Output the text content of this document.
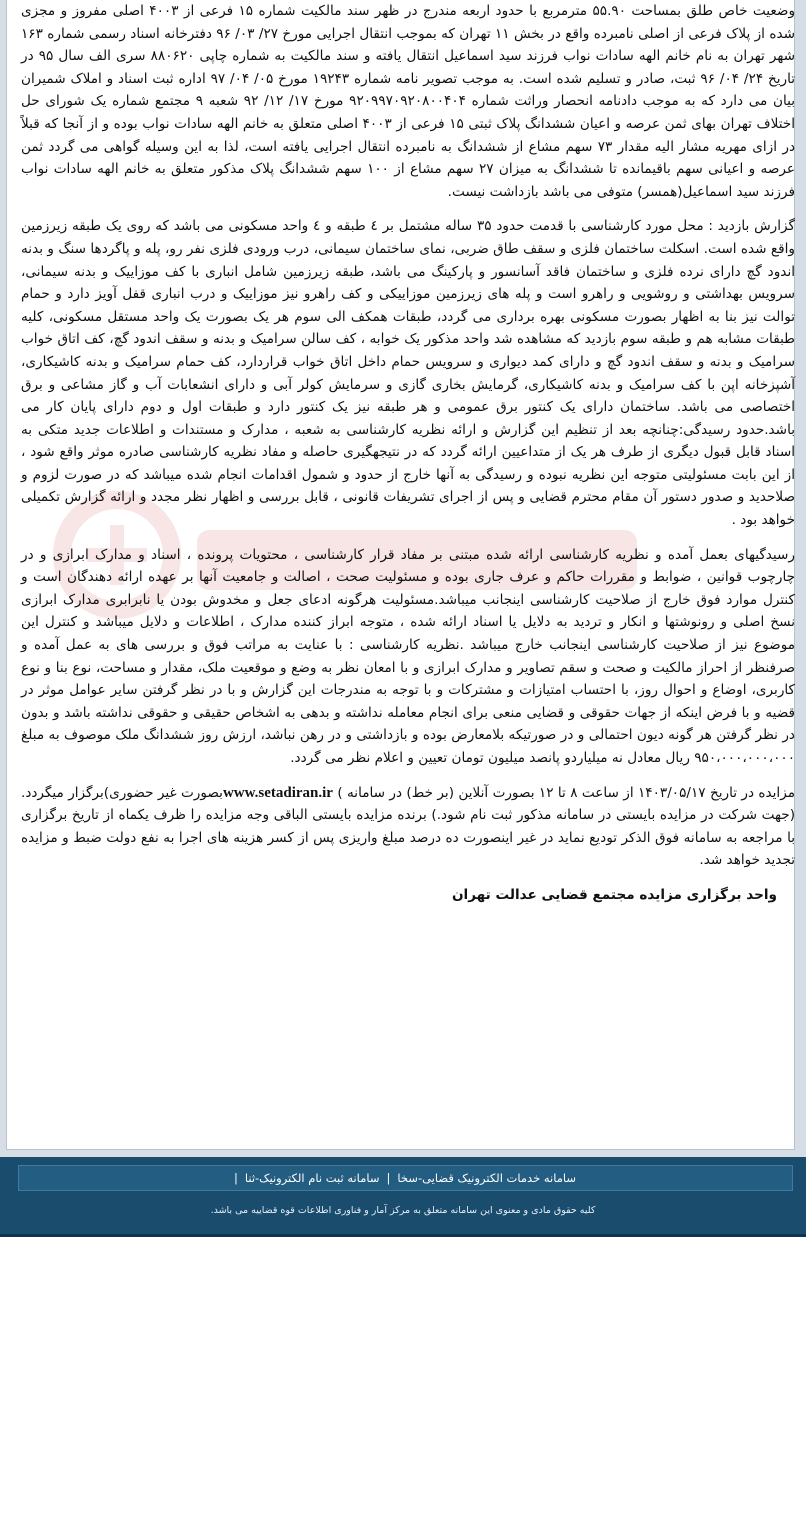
وضعیت خاص طلق بمساحت ۵۵.۹۰ مترمربع با حدود اربعه مندرج در ظهر سند مالکیت شماره ۱۵ فرعی از ۴۰۰۳ اصلی مفروز و مجزی شده از پلاک فرعی از اصلی نامبرده واقع در بخش ۱۱ تهران که بموجب انتقال اجرایی مورخ ۲۷/ ۰۳/ ۹۶ دفترخانه اسناد رسمی شماره ۱۶۳ شهر تهران به نام خانم الهه سادات نواب فرزند سید اسماعیل انتقال یافته و سند مالکیت به شماره چاپی ۸۸۰۶۲۰ سری الف سال ۹۵ در تاریخ ۲۴/ ۰۴/ ۹۶ ثبت، صادر و تسلیم شده است. به موجب تصویر نامه شماره ۱۹۲۴۳ مورخ ۰۵/ ۰۴/ ۹۷ اداره ثبت اسناد و املاک شمیران بیان می دارد که به موجب دادنامه انحصار وراثت شماره ۹۲۰۹۹۷۰۹۲۰۸۰۰۴۰۴ مورخ ۱۷/ ۱۲/ ۹۲ شعبه ۹ مجتمع شماره یک شورای حل اختلاف تهران بهای ثمن عرصه و اعیان ششدانگ پلاک ثبتی ۱۵ فرعی از ۴۰۰۳ اصلی متعلق به خانم الهه سادات نواب بوده و از آنجا که قبلاً در ازای مهریه مشار الیه مقدار ۷۳ سهم مشاع از ششدانگ به نامبرده انتقال اجرایی یافته است، لذا به این وسیله گواهی می گردد ثمن عرصه و اعیانی سهم باقیمانده تا ششدانگ به میزان ۲۷ سهم مشاع از ۱۰۰ سهم ششدانگ پلاک مذکور متعلق به خانم الهه سادات نواب فرزند سید اسماعیل(همسر) متوفی می باشد بازداشت نیست.

گزارش بازدید : محل مورد کارشناسی با قدمت حدود ۳۵ ساله مشتمل بر ٤ طبقه و ٤ واحد مسکونی می باشد که روی یک طبقه زیرزمین واقع شده است. اسکلت ساختمان فلزی و سقف طاق ضربی، نمای ساختمان سیمانی، درب ورودی فلزی نفر رو، پله و پاگردها سنگ و بدنه اندود گچ دارای نرده فلزی و ساختمان فاقد آسانسور و پارکینگ می باشد، طبقه زیرزمین شامل انباری با کف موزاییک و بدنه سیمانی، سرویس بهداشتی و روشویی و راهرو است و پله های زیرزمین موزاییکی و کف راهرو نیز موزاییک و درب انباری قفل آویز دارد و حمام توالت نیز بنا به اظهار بصورت مسکونی بهره برداری می گردد، طبقات همکف الی سوم هر یک بصورت یک واحد مستقل مسکونی، کلیه طبقات مشابه هم و طبقه سوم بازدید که مشاهده شد واحد مذکور یک خوابه ، کف سالن سرامیک و بدنه و سقف اندود گچ، کف اتاق خواب سرامیک و بدنه و سقف اندود گچ و دارای کمد دیواری و سرویس حمام داخل اتاق خواب قراردارد، کف حمام سرامیک و بدنه کاشیکاری، آشپزخانه اپن با کف سرامیک و بدنه کاشیکاری، گرمایش بخاری گازی و سرمایش کولر آبی و دارای انشعابات آب و گاز مشاعی و برق اختصاصی می باشد. ساختمان دارای یک کنتور برق عمومی و هر طبقه نیز یک کنتور دارد و طبقات اول و دوم دارای پایان کار می باشد.حدود رسیدگی:چنانچه بعد از تنظیم این گزارش و ارائه نظریه کارشناسی به شعبه ، مدارک و مستندات و اطلاعات جدید متکی به اسناد قابل قبول دیگری از طرف هر یک از متداعیین ارائه گردد که در نتیجهگیری حاصله و مفاد نظریه کارشناسی صادره موثر واقع شود ، از این بابت مسئولیتی متوجه این نظریه نبوده و رسیدگی به آنها خارج از حدود و شمول اقدامات انجام شده میباشد که در صورت لزوم و صلاحدید و صدور دستور آن مقام محترم قضایی و پس از اجرای تشریفات قانونی ، قابل بررسی و اظهار نظر مجدد و ارائه گزارش تکمیلی خواهد بود .

رسیدگیهای بعمل آمده و نظریه کارشناسی ارائه شده مبتنی بر مفاد قرار کارشناسی ، محتویات پرونده ، اسناد و مدارک ابرازی و در چارچوب قوانین ، ضوابط و مقررات حاکم و عرف جاری بوده و مسئولیت صحت ، اصالت و جامعیت آنها بر عهده ارائه دهندگان است و کنترل موارد فوق خارج از صلاحیت کارشناسی اینجانب میباشد.مسئولیت هرگونه ادعای جعل و مخدوش بودن یا نابرابری مدارک ابرازی نسخ اصلی و رونوشتها و انکار و تردید به دلایل یا اسناد ارائه شده ، متوجه ابراز کننده مدارک ، اطلاعات و دلایل میباشد و کنترل این موضوع نیز از صلاحیت کارشناسی اینجانب خارج میباشد .نظریه کارشناسی : با عنایت به مراتب فوق و بررسی های به عمل آمده و صرفنظر از احراز مالکیت و صحت و سقم تصاویر و مدارک ابرازی و با امعان نظر به وضع و موقعیت ملک، مقدار و مساحت، نوع بنا و نوع کاربری، اوضاع و احوال روز، با احتساب امتیازات و مشترکات و با توجه به مندرجات این گزارش و با در نظر گرفتن سایر عوامل موثر در قضیه و با فرض اینکه از جهات حقوقی و قضایی منعی برای انجام معامله نداشته و بدهی به اشخاص حقیقی و حقوقی نداشته باشد و بدون در نظر گرفتن هر گونه دیون احتمالی و در صورتیکه بلامعارض بوده و بازداشتی و در رهن نباشد، ارزش روز ششدانگ ملک موصوف به مبلغ ۹۵۰،۰۰۰،۰۰۰،۰۰۰ ریال معادل نه میلیاردو پانصد میلیون تومان تعیین و اعلام نظر می گردد.

مزایده در تاریخ ۱۴۰۳/۰۵/۱۷ از ساعت ۸ تا ۱۲ بصورت آنلاین (بر خط) در سامانه ) www.setadiran.irبصورت غیر حضوری)برگزار میگردد. (جهت شرکت در مزایده بایستی در سامانه مذکور ثبت نام شود.) برنده مزایده بایستی الباقی وجه مزایده را ظرف یکماه از تاریخ برگزاری با مراجعه به سامانه فوق الذکر توديع نمايد در غير اينصورت ده درصد مبلغ واریزی پس از کسر هزینه های اجرا به نفع دولت ضبط و مزایده تجدید خواهد شد.

واحد برگزاری مزایده مجتمع قضایی عدالت تهران

سامانه خدمات الکترونیک قضایی-سخا|سامانه ثبت نام الکترونیک-ثنا|
کلیه حقوق مادی و معنوی این سامانه متعلق به مرکز آمار و فناوری اطلاعات قوه قضاییه می باشد.
